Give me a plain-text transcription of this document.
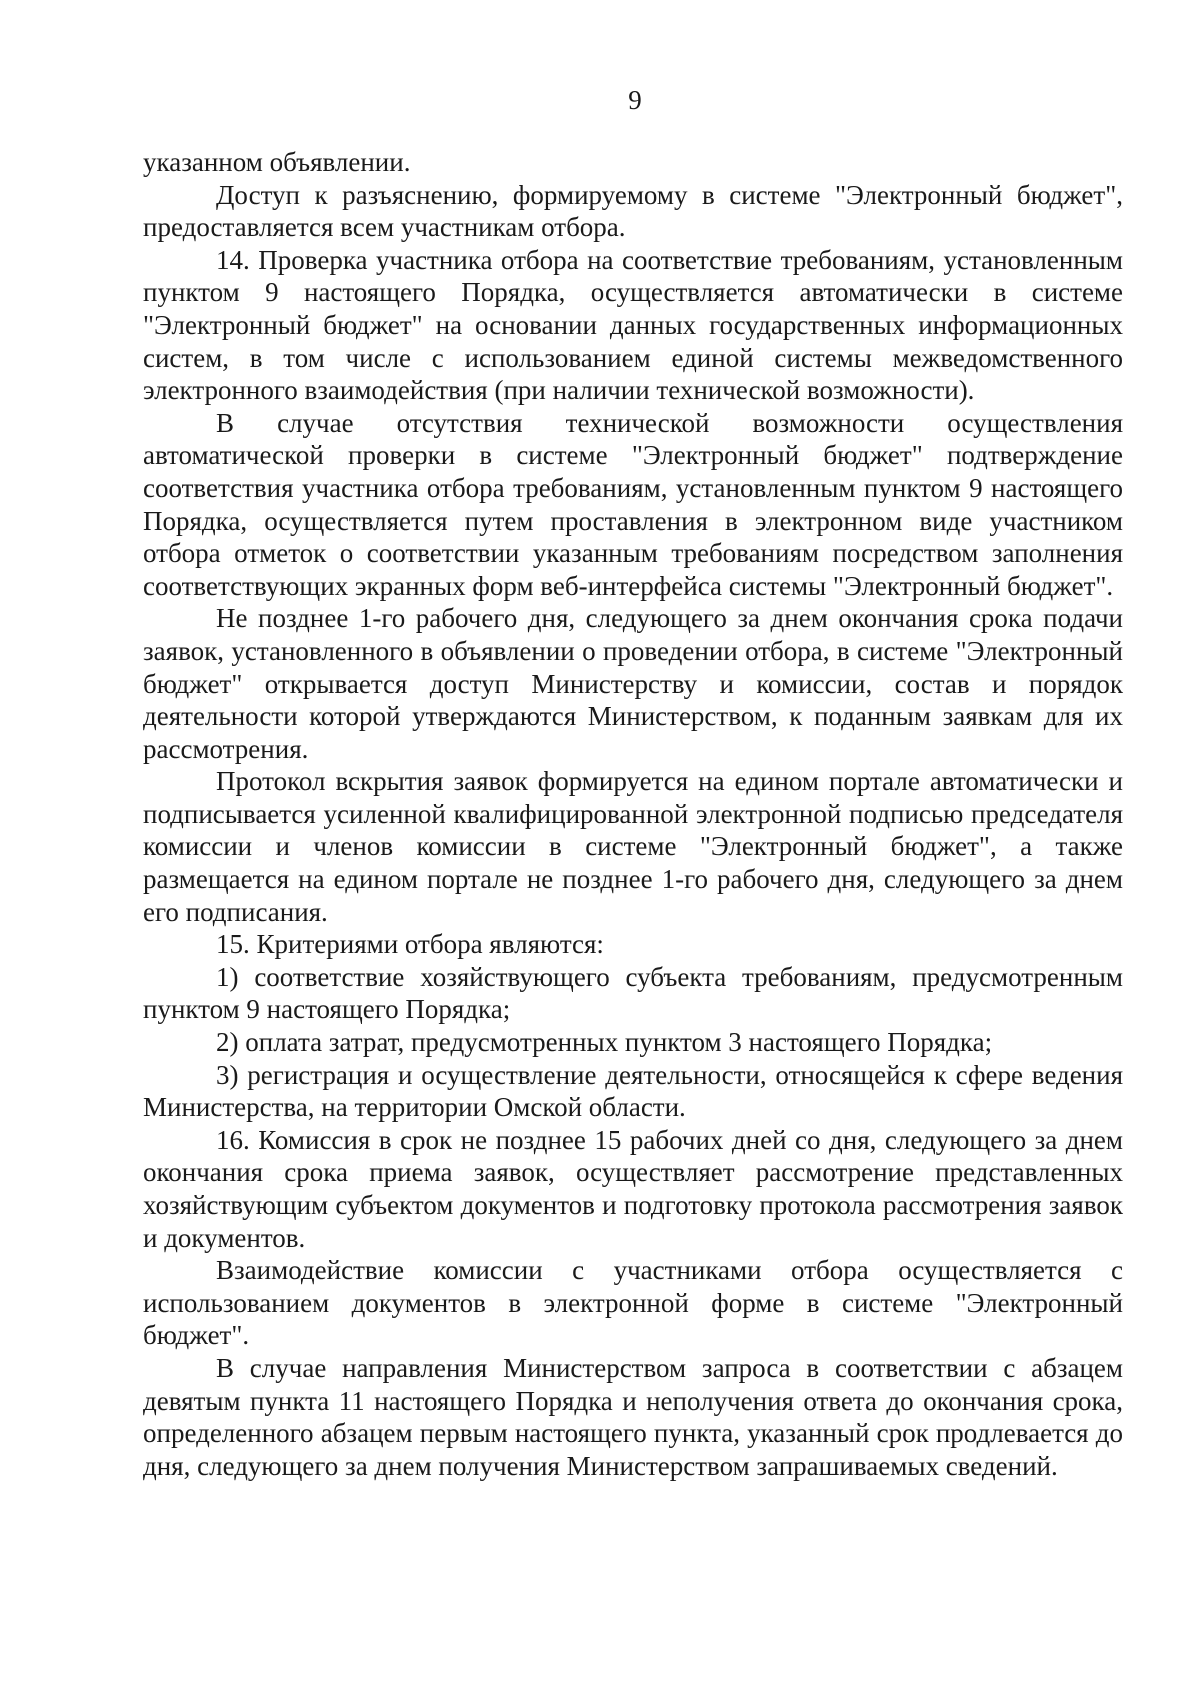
9

указанном объявлении.

Доступ к разъяснению, формируемому в системе "Электронный бюджет", предоставляется всем участникам отбора.

14. Проверка участника отбора на соответствие требованиям, установленным пунктом 9 настоящего Порядка, осуществляется автоматически в системе "Электронный бюджет" на основании данных государственных информационных систем, в том числе с использованием единой системы межведомственного электронного взаимодействия (при наличии технической возможности).

В случае отсутствия технической возможности осуществления автоматической проверки в системе "Электронный бюджет" подтверждение соответствия участника отбора требованиям, установленным пунктом 9 настоящего Порядка, осуществляется путем проставления в электронном виде участником отбора отметок о соответствии указанным требованиям посредством заполнения соответствующих экранных форм веб-интерфейса системы "Электронный бюджет".

Не позднее 1-го рабочего дня, следующего за днем окончания срока подачи заявок, установленного в объявлении о проведении отбора, в системе "Электронный бюджет" открывается доступ Министерству и комиссии, состав и порядок деятельности которой утверждаются Министерством, к поданным заявкам для их рассмотрения.

Протокол вскрытия заявок формируется на едином портале автоматически и подписывается усиленной квалифицированной электронной подписью председателя комиссии и членов комиссии в системе "Электронный бюджет", а также размещается на едином портале не позднее 1-го рабочего дня, следующего за днем его подписания.

15. Критериями отбора являются:

1) соответствие хозяйствующего субъекта требованиям, предусмотренным пунктом 9 настоящего Порядка;

2) оплата затрат, предусмотренных пунктом 3 настоящего Порядка;

3) регистрация и осуществление деятельности, относящейся к сфере ведения Министерства, на территории Омской области.

16. Комиссия в срок не позднее 15 рабочих дней со дня, следующего за днем окончания срока приема заявок, осуществляет рассмотрение представленных хозяйствующим субъектом документов и подготовку протокола рассмотрения заявок и документов.

Взаимодействие комиссии с участниками отбора осуществляется с использованием документов в электронной форме в системе "Электронный бюджет".

В случае направления Министерством запроса в соответствии с абзацем девятым пункта 11 настоящего Порядка и неполучения ответа до окончания срока, определенного абзацем первым настоящего пункта, указанный срок продлевается до дня, следующего за днем получения Министерством запрашиваемых сведений.
